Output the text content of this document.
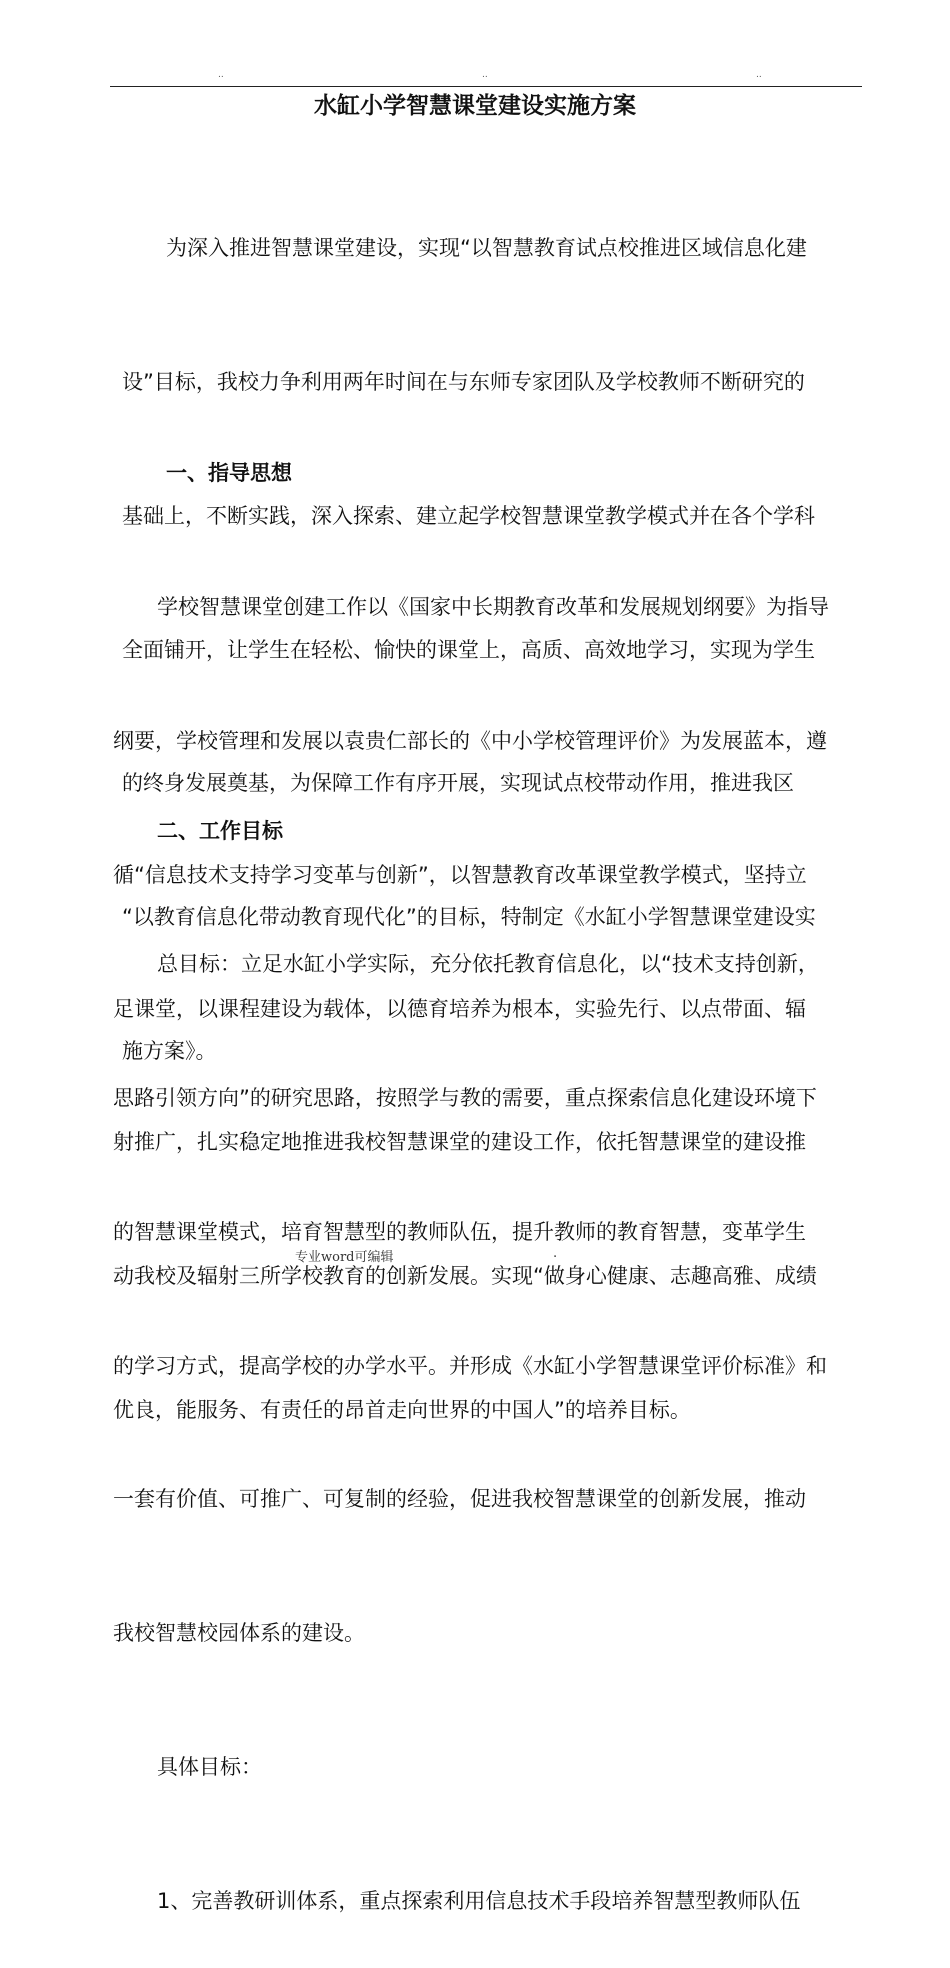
..	..	..
水缸小学智慧课堂建设实施方案

为深入推进智慧课堂建设，实现“以智慧教育试点校推进区域信息化建

设”目标，我校力争利用两年时间在与东师专家团队及学校教师不断研究的

基础上，不断实践，深入探索、建立起学校智慧课堂教学模式并在各个学科

全面铺开，让学生在轻松、愉快的课堂上，高质、高效地学习，实现为学生

的终身发展奠基，为保障工作有序开展，实现试点校带动作用，推进我区

“以教育信息化带动教育现代化”的目标，特制定《水缸小学智慧课堂建设实

施方案》。

一、指导思想

学校智慧课堂创建工作以《国家中长期教育改革和发展规划纲要》为指导

纲要，学校管理和发展以袁贵仁部长的《中小学校管理评价》为发展蓝本，遵

循“信息技术支持学习变革与创新”，以智慧教育改革课堂教学模式，坚持立

足课堂，以课程建设为载体，以德育培养为根本，实验先行、以点带面、辐

射推广，扎实稳定地推进我校智慧课堂的建设工作，依托智慧课堂的建设推

动我校及辐射三所学校教育的创新发展。实现“做身心健康、志趣高雅、成绩

优良，能服务、有责任的昂首走向世界的中国人”的培养目标。

二、工作目标

总目标：立足水缸小学实际，充分依托教育信息化，以“技术支持创新，

思路引领方向”的研究思路，按照学与教的需要，重点探索信息化建设环境下

的智慧课堂模式，培育智慧型的教师队伍，提升教师的教育智慧，变革学生

的学习方式，提高学校的办学水平。并形成《水缸小学智慧课堂评价标准》和

一套有价值、可推广、可复制的经验，促进我校智慧课堂的创新发展，推动

我校智慧校园体系的建设。

具体目标：

1、完善教研训体系，重点探索利用信息技术手段培养智慧型教师队伍

专业word可编辑	.
